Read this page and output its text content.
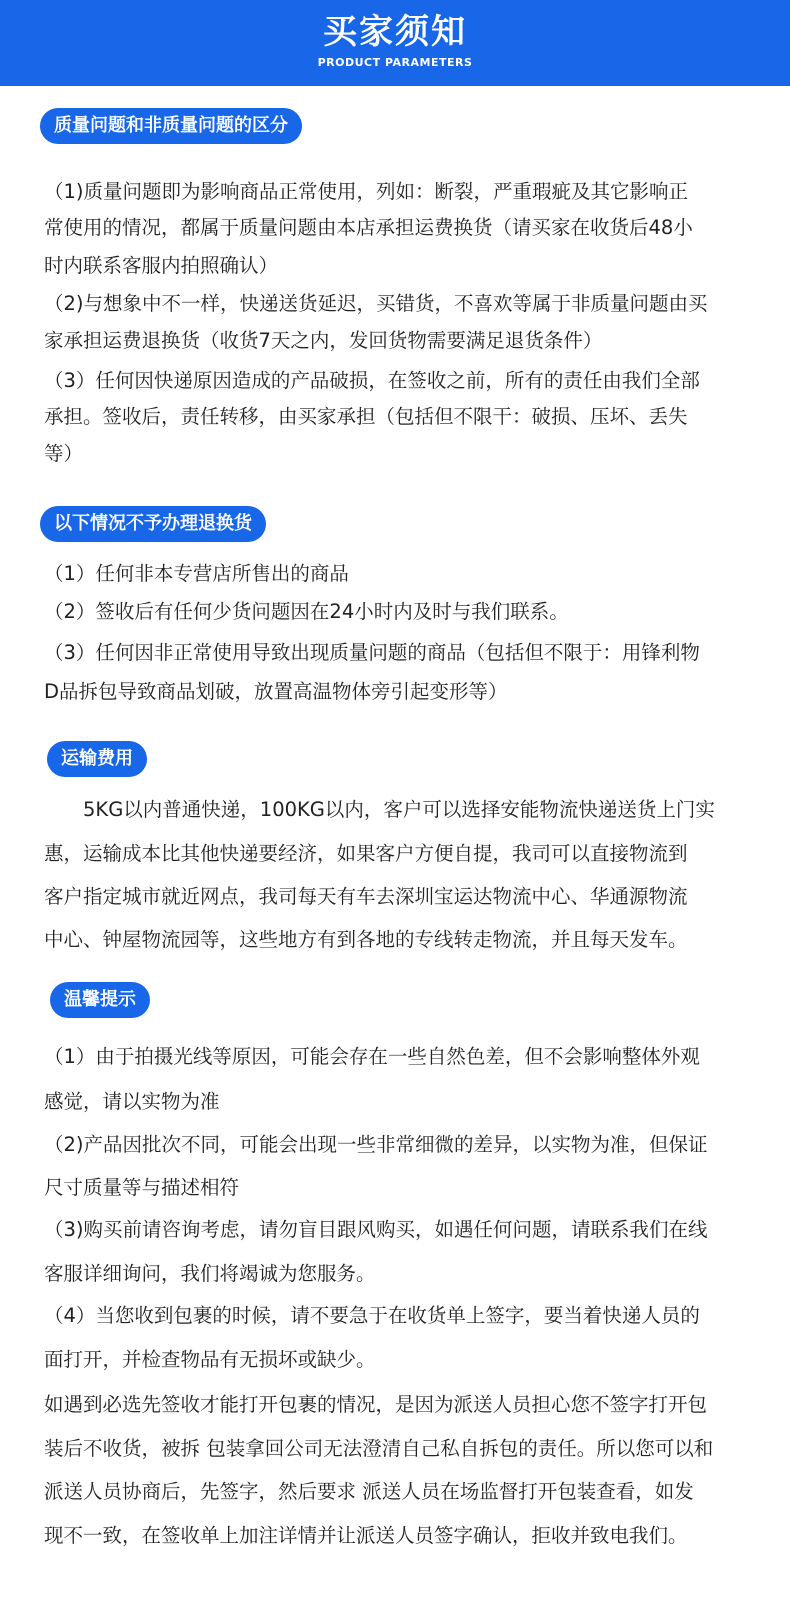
买家须知
PRODUCT PARAMETERS
质量问题和非质量问题的区分
（1)质量问题即为影响商品正常使用，列如：断裂，严重瑕疵及其它影响正
常使用的情况，都属于质量问题由本店承担运费换货（请买家在收货后48小
时内联系客服内拍照确认）
（2)与想象中不一样，快递送货延迟，买错货，不喜欢等属于非质量问题由买
家承担运费退换货（收货7天之内，发回货物需要满足退货条件）
（3）任何因快递原因造成的产品破损，在签收之前，所有的责任由我们全部
承担。签收后，责任转移，由买家承担（包括但不限干：破损、压坏、丢失
等）
以下情况不予办理退换货
（1）任何非本专营店所售出的商品
（2）签收后有任何少货问题因在24小时内及时与我们联系。
（3）任何因非正常使用导致出现质量问题的商品（包括但不限于：用锋利物
D品拆包导致商品划破，放置高温物体旁引起变形等）
运输费用
　　5KG以内普通快递，100KG以内，客户可以选择安能物流快递送货上门实
惠，运输成本比其他快递要经济，如果客户方便自提，我司可以直接物流到
客户指定城市就近网点，我司每天有车去深圳宝运达物流中心、华通源物流
中心、钟屋物流园等，这些地方有到各地的专线转走物流，并且每天发车。
温馨提示
（1）由于拍摄光线等原因，可能会存在一些自然色差，但不会影响整体外观
感觉，请以实物为准
（2)产品因批次不同，可能会出现一些非常细微的差异，以实物为准，但保证
尺寸质量等与描述相符
（3)购买前请咨询考虑，请勿盲目跟风购买，如遇任何问题，请联系我们在线
客服详细询问，我们将竭诚为您服务。
（4）当您收到包裹的时候，请不要急于在收货单上签字，要当着快递人员的
面打开，并检查物品有无损坏或缺少。
如遇到必选先签收才能打开包裹的情况，是因为派送人员担心您不签字打开包
装后不收货，被拆 包装拿回公司无法澄清自己私自拆包的责任。所以您可以和
派送人员协商后，先签字，然后要求 派送人员在场监督打开包装查看，如发
现不一致，在签收单上加注详情并让派送人员签字确认，拒收并致电我们。
